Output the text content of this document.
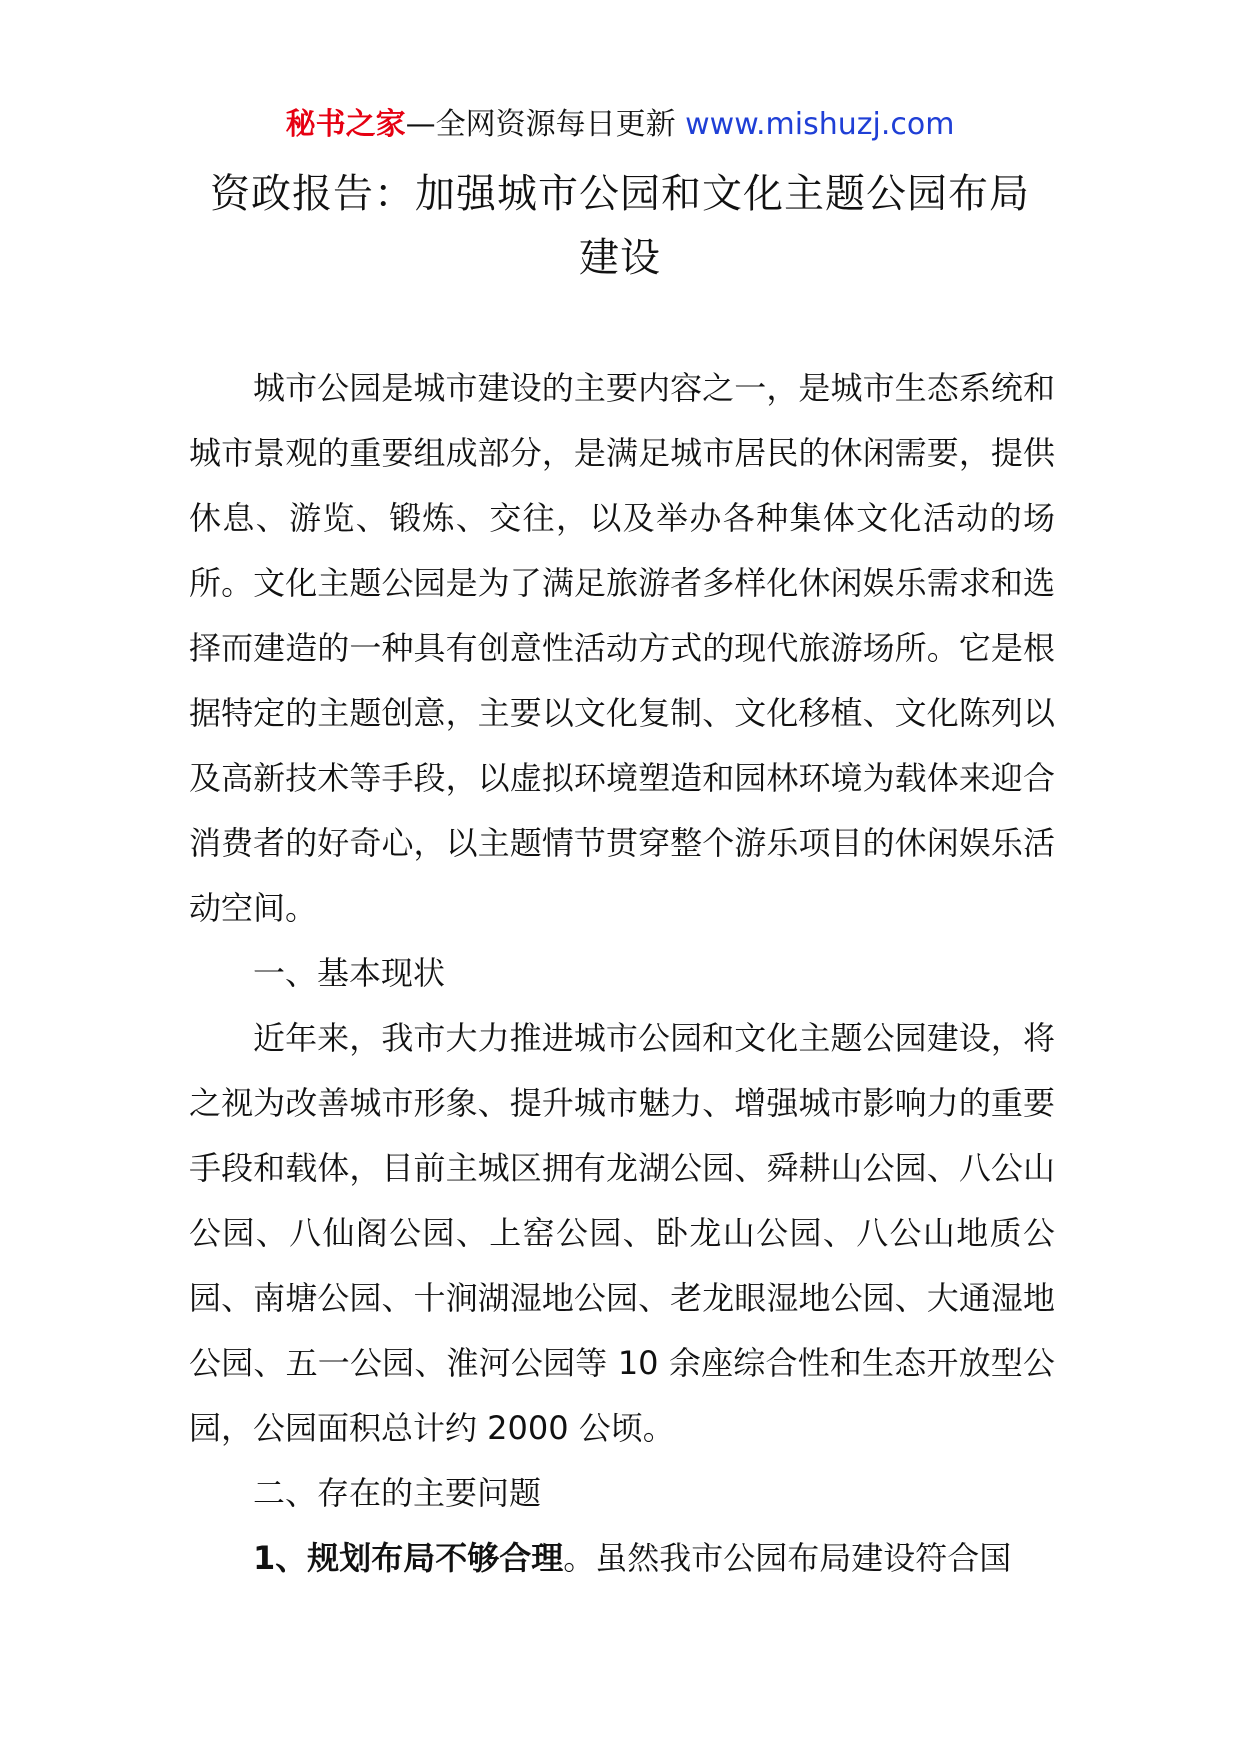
秘书之家—全网资源每日更新 www.mishuzj.com
资政报告：加强城市公园和文化主题公园布局
建设

城市公园是城市建设的主要内容之一，是城市生态系统和城市景观的重要组成部分，是满足城市居民的休闲需要，提供休息、游览、锻炼、交往，以及举办各种集体文化活动的场所。文化主题公园是为了满足旅游者多样化休闲娱乐需求和选择而建造的一种具有创意性活动方式的现代旅游场所。它是根据特定的主题创意，主要以文化复制、文化移植、文化陈列以及高新技术等手段，以虚拟环境塑造和园林环境为载体来迎合消费者的好奇心，以主题情节贯穿整个游乐项目的休闲娱乐活动空间。

一、基本现状

近年来，我市大力推进城市公园和文化主题公园建设，将之视为改善城市形象、提升城市魅力、增强城市影响力的重要手段和载体，目前主城区拥有龙湖公园、舜耕山公园、八公山公园、八仙阁公园、上窑公园、卧龙山公园、八公山地质公园、南塘公园、十涧湖湿地公园、老龙眼湿地公园、大通湿地公园、五一公园、淮河公园等 10 余座综合性和生态开放型公园，公园面积总计约 2000 公顷。

二、存在的主要问题

1、规划布局不够合理。虽然我市公园布局建设符合国
